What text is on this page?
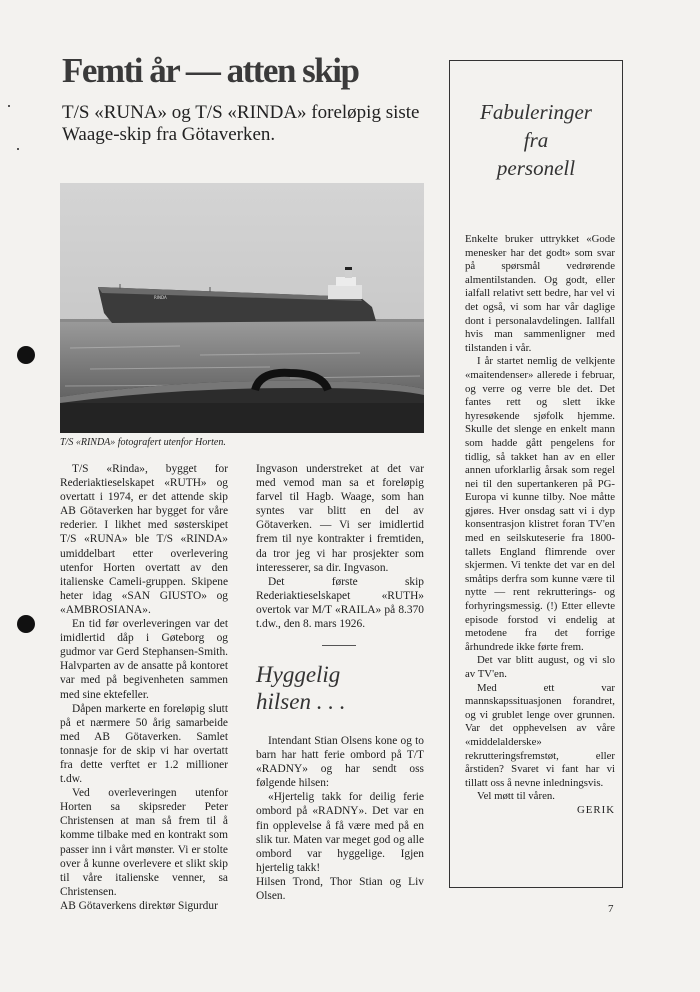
Femti år — atten skip
T/S «RUNA» og T/S «RINDA» foreløpig siste Waage-skip fra Götaverken.
RINDA
T/S «RINDA» fotografert utenfor Horten.

T/S «Rinda», bygget for Rederiaktieselskapet «RUTH» og overtatt i 1974, er det attende skip AB Götaverken har bygget for våre rederier. I likhet med søsterskipet T/S «RUNA» ble T/S «RINDA» umiddelbart etter overlevering utenfor Horten overtatt av den italienske Cameli-gruppen. Skipene heter idag «SAN GIUSTO» og «AMBROSIANA».

En tid før overleveringen var det imidlertid dåp i Gøteborg og gudmor var Gerd Stephansen-Smith. Halvparten av de ansatte på kontoret var med på begivenheten sammen med sine ektefeller.

Dåpen markerte en foreløpig slutt på et nærmere 50 årig samarbeide med AB Götaverken. Samlet tonnasje for de skip vi har overtatt fra dette verftet er 1.2 millioner t.dw.

Ved overleveringen utenfor Horten sa skipsreder Peter Christensen at man så frem til å komme tilbake med en kontrakt som passer inn i vårt mønster. Vi er stolte over å kunne overlevere et slikt skip til våre italienske venner, sa Christensen.

AB Götaverkens direktør Sigurdur

Ingvason understreket at det var med vemod man sa et foreløpig farvel til Hagb. Waage, som han syntes var blitt en del av Götaverken. — Vi ser imidlertid frem til nye kontrakter i fremtiden, da tror jeg vi har prosjekter som interesserer, sa dir. Ingvason.

Det første skip Rederiaktieselskapet «RUTH» overtok var M/T «RAILA» på 8.370 t.dw., den 8. mars 1926.

Hyggelig
hilsen . . .

Intendant Stian Olsens kone og to barn har hatt ferie ombord på T/T «RADNY» og har sendt oss følgende hilsen:

«Hjertelig takk for deilig ferie ombord på «RADNY». Det var en fin opplevelse å få være med på en slik tur. Maten var meget god og alle ombord var hyggelige. Igjen hjertelig takk!

Hilsen Trond, Thor Stian og Liv Olsen.

Fabuleringer
fra
personell

Enkelte bruker uttrykket «Gode menesker har det godt» som svar på spørsmål vedrørende almentilstanden. Og godt, eller ialfall relativt sett bedre, har vel vi det også, vi som har vår daglige dont i personalavdelingen. Iallfall hvis man sammenligner med tilstanden i vår.

I år startet nemlig de velkjente «maitendenser» allerede i februar, og verre og verre ble det. Det fantes rett og slett ikke hyresøkende sjøfolk hjemme. Skulle det slenge en enkelt mann som hadde gått pengelens for tidlig, så takket han av en eller annen uforklarlig årsak som regel nei til den supertankeren på PG-Europa vi kunne tilby. Noe måtte gjøres. Hver onsdag satt vi i dyp konsentrasjon klistret foran TV'en med en seilskuteserie fra 1800-tallets England flimrende over skjermen. Vi tenkte det var en del småtips derfra som kunne være til nytte — rent rekrutterings- og forhyringsmessig. (!) Etter ellevte episode forstod vi endelig at metodene fra det forrige århundrede ikke førte frem.

Det var blitt august, og vi slo av TV'en.

Med ett var mannskapssituasjonen forandret, og vi grublet lenge over grunnen. Var det opphevelsen av våre «middelalderske» rekrutteringsfremstøt, eller årstiden? Svaret vi fant har vi tillatt oss å nevne inledningsvis.

Vel møtt til våren.

GERIK

7
